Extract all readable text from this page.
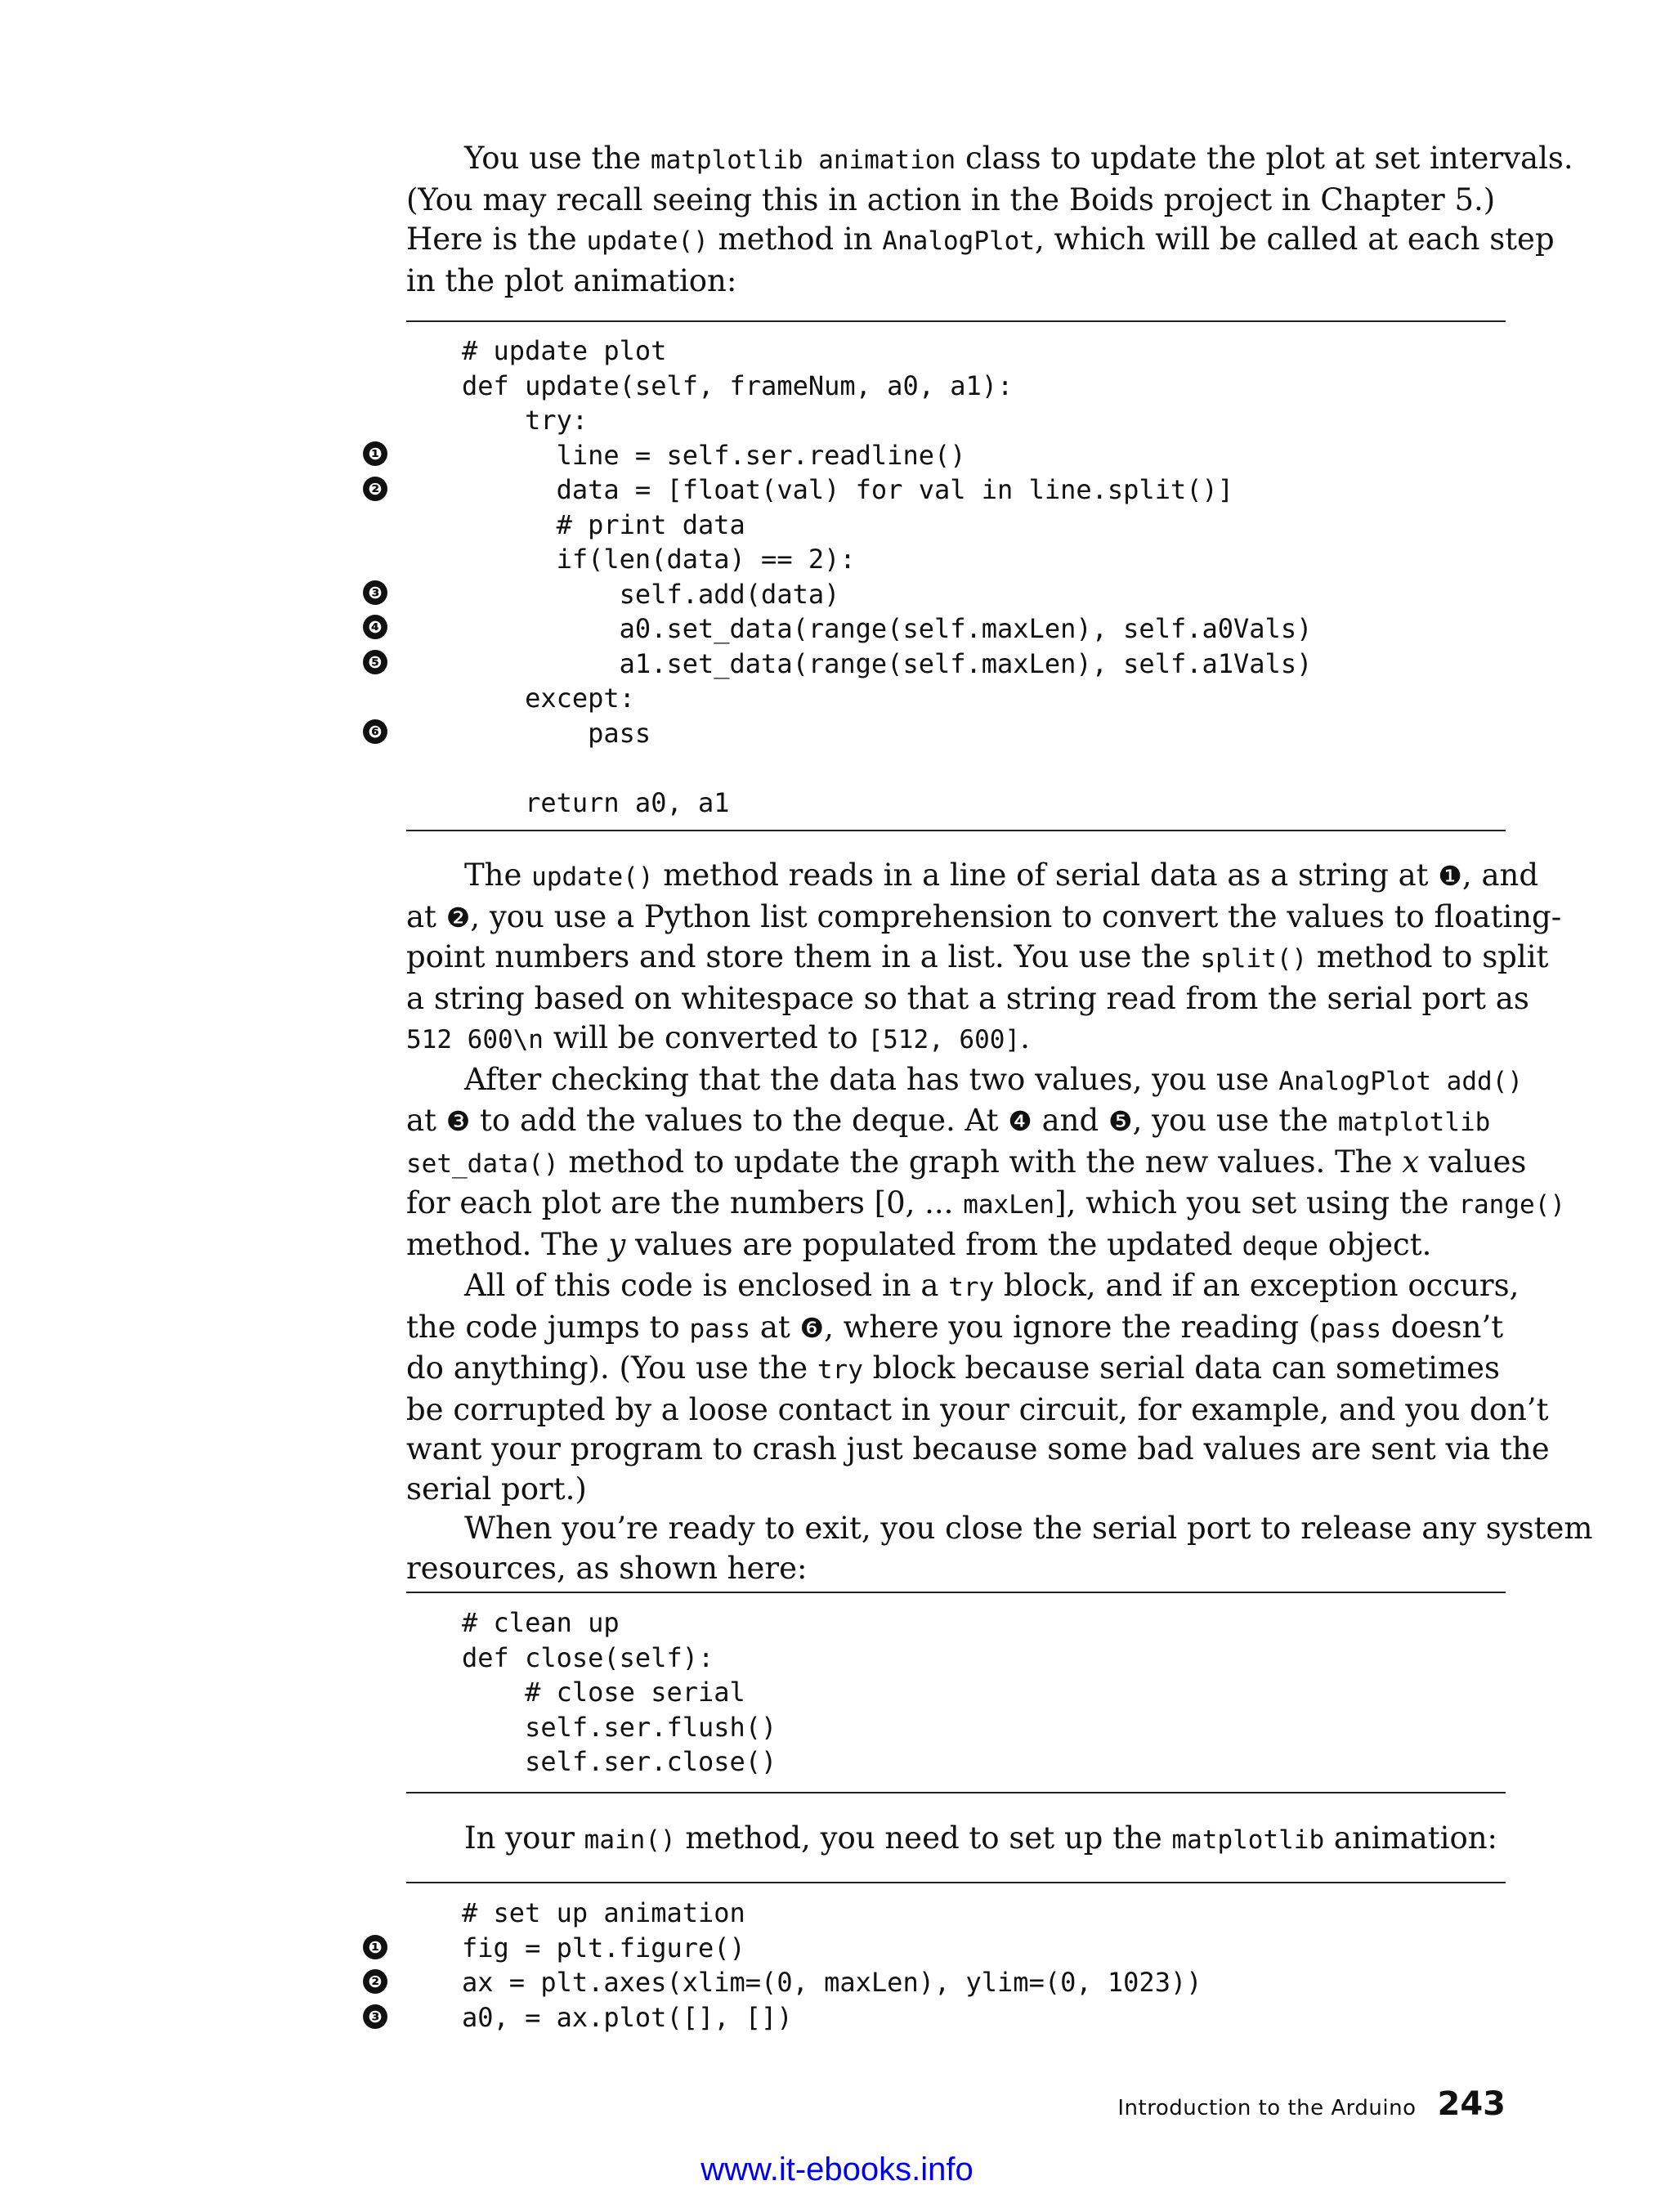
You use the matplotlib animation class to update the plot at set intervals.
(You may recall seeing this in action in the Boids project in Chapter 5.)
Here is the update() method in AnalogPlot, which will be called at each step
in the plot animation:

# update plot
def update(self, frameNum, a0, a1):
try:
line = self.ser.readline()
data = [float(val) for val in line.split()]
# print data
if(len(data) == 2):
self.add(data)
a0.set_data(range(self.maxLen), self.a0Vals)
a1.set_data(range(self.maxLen), self.a1Vals)
except:
pass

return a0, a1
❶
❷
❸
❹
❺
❻

The update() method reads in a line of serial data as a string at ❶, and
at ❷, you use a Python list comprehension to convert the values to floating-
point numbers and store them in a list. You use the split() method to split
a string based on whitespace so that a string read from the serial port as
512 600\n will be converted to [512, 600].

After checking that the data has two values, you use AnalogPlot add()
at ❸ to add the values to the deque. At ❹ and ❺, you use the matplotlib
set_data() method to update the graph with the new values. The x values
for each plot are the numbers [0, ... maxLen], which you set using the range()
method. The y values are populated from the updated deque object.

All of this code is enclosed in a try block, and if an exception occurs,
the code jumps to pass at ❻, where you ignore the reading (pass doesn’t
do anything). (You use the try block because serial data can sometimes
be corrupted by a loose contact in your circuit, for example, and you don’t
want your program to crash just because some bad values are sent via the
serial port.)

When you’re ready to exit, you close the serial port to release any system
resources, as shown here:

# clean up
def close(self):
# close serial
self.ser.flush()
self.ser.close()

In your main() method, you need to set up the matplotlib animation:

# set up animation
fig = plt.figure()
ax = plt.axes(xlim=(0, maxLen), ylim=(0, 1023))
a0, = ax.plot([], [])
❶
❷
❸
Introduction to the Arduino 243
www.it-ebooks.info
